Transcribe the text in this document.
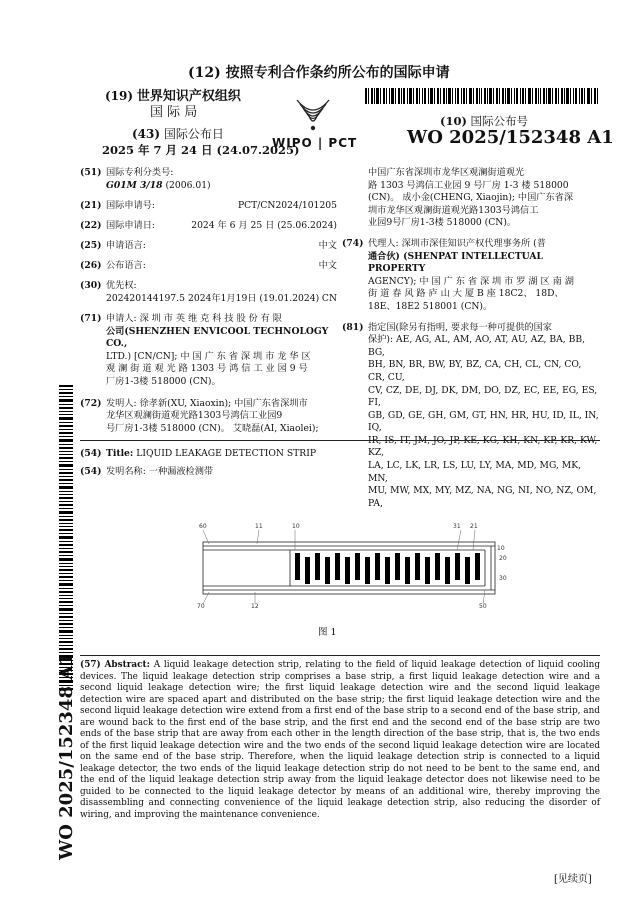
(12) 按照专利合作条约所公布的国际申请
(19) 世界知识产权组织
国 际 局
(43) 国际公布日
2025 年 7 月 24 日 (24.07.2025)
WIPO | PCT
(10) 国际公布号
WO 2025/152348 A1
(51) 国际专利分类号:
G01M 3/18 (2006.01)
(21) 国际申请号:	PCT/CN2024/101205
(22) 国际申请日:	2024 年 6 月 25 日 (25.06.2024)
(25) 申请语言:	中文
(26) 公布语言:	中文
(30) 优先权:
202420144197.5 2024年1月19日 (19.01.2024) CN
(71) 申请人: 深 圳 市 英 维 克 科 技 股 份 有 限
公司(SHENZHEN ENVICOOL TECHNOLOGY CO.,
LTD.) [CN/CN]; 中 国 广 东 省 深 圳 市 龙 华 区
观 澜 街 道 观 光 路 1303 号 鸿 信 工 业 园 9 号
厂房1-3楼 518000 (CN)。
(72) 发明人: 徐孝新(XU, Xiaoxin); 中国广东省深圳市
龙华区观澜街道观光路1303号鸿信工业园9
号厂房1-3楼 518000 (CN)。 艾晓磊(AI, Xiaolei);
中国广东省深圳市龙华区观澜街道观光
路 1303 号鸿信工业园 9 号厂房 1-3 楼 518000
(CN)。 成小金(CHENG, Xiaojin); 中国广东省深
圳市龙华区观澜街道观光路1303号鸿信工
业园9号厂房1-3楼 518000 (CN)。
(74) 代理人: 深圳市深佳知识产权代理事务所 (普
通合伙) (SHENPAT INTELLECTUAL PROPERTY
AGENCY); 中 国 广 东 省 深 圳 市 罗 湖 区 南 湖
街 道 春 风 路 庐 山 大 厦 B 座 18C2、 18D、
18E、18E2 518001 (CN)。
(81) 指定国(除另有指明, 要求每一种可提供的国家
保护): AE, AG, AL, AM, AO, AT, AU, AZ, BA, BB, BG,
BH, BN, BR, BW, BY, BZ, CA, CH, CL, CN, CO, CR, CU,
CV, CZ, DE, DJ, DK, DM, DO, DZ, EC, EE, EG, ES, FI,
GB, GD, GE, GH, GM, GT, HN, HR, HU, ID, IL, IN, IQ,
IR, IS, IT, JM, JO, JP, KE, KG, KH, KN, KP, KR, KW, KZ,
LA, LC, LK, LR, LS, LU, LY, MA, MD, MG, MK, MN,
MU, MW, MX, MY, MZ, NA, NG, NI, NO, NZ, OM, PA,
(54) Title: LIQUID LEAKAGE DETECTION STRIP
(54) 发明名称: 一种漏液检测带
60	11	10	31 21
10
20
30
70	12	50
图 1
(57) Abstract: A liquid leakage detection strip, relating to the field of liquid leakage detection of liquid cooling devices. The liquid leakage detection strip comprises a base strip, a first liquid leakage detection wire and a second liquid leakage detection wire; the first liquid leakage detection wire and the second liquid leakage detection wire are spaced apart and distributed on the base strip; the first liquid leakage detection wire and the second liquid leakage detection wire extend from a first end of the base strip to a second end of the base strip, and are wound back to the first end of the base strip, and the first end and the second end of the base strip are two ends of the base strip that are away from each other in the length direction of the base strip, that is, the two ends of the first liquid leakage detection wire and the two ends of the second liquid leakage detection wire are located on the same end of the base strip. Therefore, when the liquid leakage detection strip is connected to a liquid leakage detector, the two ends of the liquid leakage detection strip do not need to be bent to the same end, and the end of the liquid leakage detection strip away from the liquid leakage detector does not likewise need to be guided to be connected to the liquid leakage detector by means of an additional wire, thereby improving the disassembling and connecting convenience of the liquid leakage detection strip, also reducing the disorder of wiring, and improving the maintenance convenience.
WO 2025/152348 A1
[见续页]
